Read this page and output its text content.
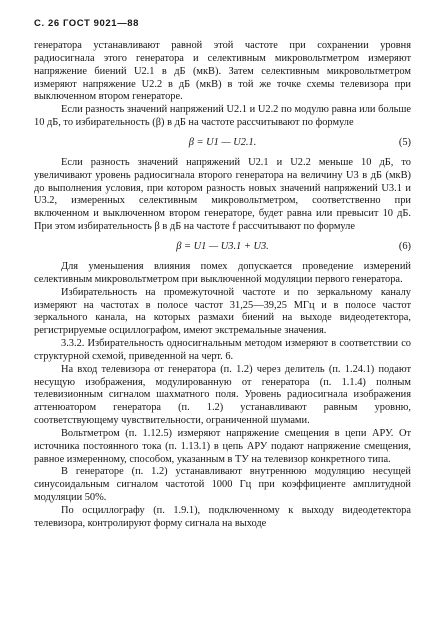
С. 26 ГОСТ 9021—88

генератора устанавливают равной этой частоте при сохранении уровня радиосигнала этого генератора и селективным микровольтметром измеряют напряжение биений U2.1 в дБ (мкВ). Затем селективным микровольтметром измеряют напряжение U2.2 в дБ (мкВ) в той же точке схемы телевизора при выключенном втором генераторе.

Если разность значений напряжений U2.1 и U2.2 по модулю равна или больше 10 дБ, то избирательность (β) в дБ на частоте рассчитывают по формуле

β = U1 — U2.1.	(5)

Если разность значений напряжений U2.1 и U2.2 меньше 10 дБ, то увеличивают уровень радиосигнала второго генератора на величину U3 в дБ (мкВ) до выполнения условия, при котором разность новых значений напряжений U3.1 и U3.2, измеренных селективным микровольтметром, соответственно при включенном и выключенном втором генераторе, будет равна или превысит 10 дБ. При этом избирательность β в дБ на частоте f рассчитывают по формуле

β = U1 — U3.1 + U3.	(6)

Для уменьшения влияния помех допускается проведение измерений селективным микровольтметром при выключенной модуляции первого генератора.

Избирательность на промежуточной частоте и по зеркальному каналу измеряют на частотах в полосе частот 31,25—39,25 МГц и в полосе частот зеркального канала, на которых размахи биений на выходе видеодетектора, регистрируемые осциллографом, имеют экстремальные значения.

3.3.2. Избирательность односигнальным методом измеряют в соответствии со структурной схемой, приведенной на черт. 6.

На вход телевизора от генератора (п. 1.2) через делитель (п. 1.24.1) подают несущую изображения, модулированную от генератора (п. 1.1.4) полным телевизионным сигналом шахматного поля. Уровень радиосигнала изображения аттенюатором генератора (п. 1.2) устанавливают равным уровню, соответствующему чувствительности, ограниченной шумами.

Вольтметром (п. 1.12.5) измеряют напряжение смещения в цепи АРУ. От источника постоянного тока (п. 1.13.1) в цепь АРУ подают напряжение смещения, равное измеренному, способом, указанным в ТУ на телевизор конкретного типа.

В генераторе (п. 1.2) устанавливают внутреннюю модуляцию несущей синусоидальным сигналом частотой 1000 Гц при коэффициенте амплитудной модуляции 50%.

По осциллографу (п. 1.9.1), подключенному к выходу видеодетектора телевизора, контролируют форму сигнала на выходе
